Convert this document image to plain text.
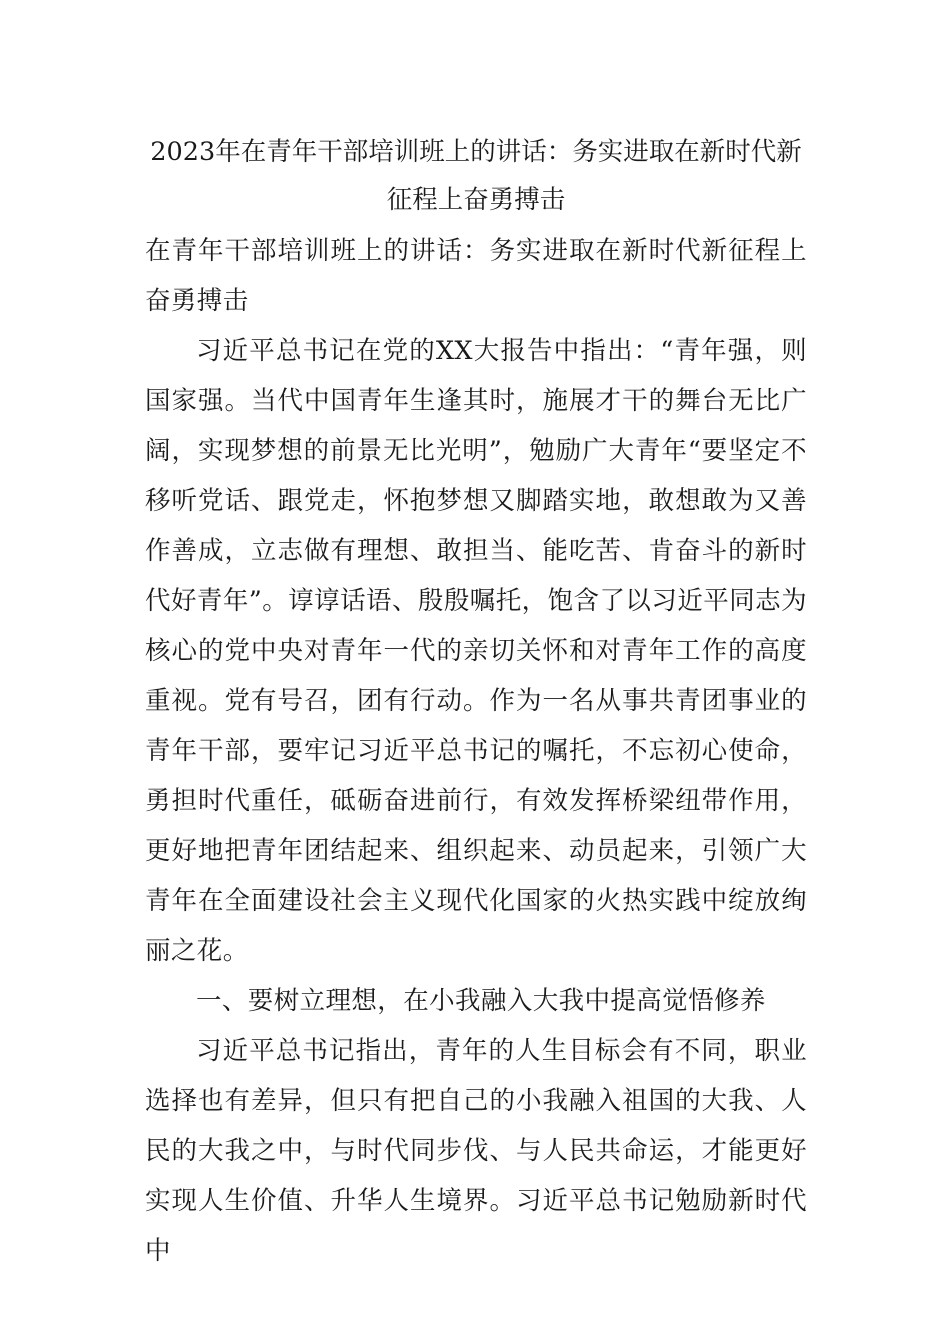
2023年在青年干部培训班上的讲话：务实进取在新时代新征程上奋勇搏击

在青年干部培训班上的讲话：务实进取在新时代新征程上奋勇搏击

习近平总书记在党的XX大报告中指出：“青年强，则国家强。当代中国青年生逢其时，施展才干的舞台无比广阔，实现梦想的前景无比光明”，勉励广大青年“要坚定不移听党话、跟党走，怀抱梦想又脚踏实地，敢想敢为又善作善成，立志做有理想、敢担当、能吃苦、肯奋斗的新时代好青年”。谆谆话语、殷殷嘱托，饱含了以习近平同志为核心的党中央对青年一代的亲切关怀和对青年工作的高度重视。党有号召，团有行动。作为一名从事共青团事业的青年干部，要牢记习近平总书记的嘱托，不忘初心使命，勇担时代重任，砥砺奋进前行，有效发挥桥梁纽带作用，更好地把青年团结起来、组织起来、动员起来，引领广大青年在全面建设社会主义现代化国家的火热实践中绽放绚丽之花。

一、要树立理想，在小我融入大我中提高觉悟修养

习近平总书记指出，青年的人生目标会有不同，职业选择也有差异，但只有把自己的小我融入祖国的大我、人民的大我之中，与时代同步伐、与人民共命运，才能更好实现人生价值、升华人生境界。习近平总书记勉励新时代中
